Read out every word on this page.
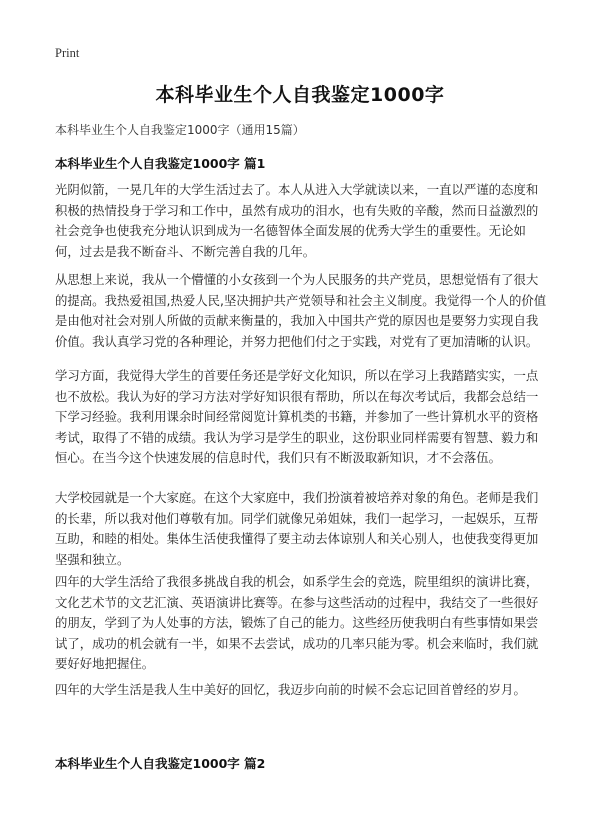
Print
本科毕业生个人自我鉴定1000字
本科毕业生个人自我鉴定1000字（通用15篇）
本科毕业生个人自我鉴定1000字 篇1

光阴似箭，一晃几年的大学生活过去了。本人从进入大学就读以来，一直以严谨的态度和积极的热情投身于学习和工作中，虽然有成功的泪水，也有失败的辛酸，然而日益激烈的社会竞争也使我充分地认识到成为一名德智体全面发展的优秀大学生的重要性。无论如何，过去是我不断奋斗、不断完善自我的几年。

从思想上来说，我从一个懵懂的小女孩到一个为人民服务的共产党员，思想觉悟有了很大的提高。我热爱祖国,热爱人民,坚决拥护共产党领导和社会主义制度。我觉得一个人的价值是由他对社会对别人所做的贡献来衡量的，我加入中国共产党的原因也是要努力实现自我价值。我认真学习党的各种理论，并努力把他们付之于实践，对党有了更加清晰的认识。

学习方面，我觉得大学生的首要任务还是学好文化知识，所以在学习上我踏踏实实，一点也不放松。我认为好的学习方法对学好知识很有帮助，所以在每次考试后，我都会总结一下学习经验。我利用课余时间经常阅览计算机类的书籍，并参加了一些计算机水平的资格考试，取得了不错的成绩。我认为学习是学生的职业，这份职业同样需要有智慧、毅力和恒心。在当今这个快速发展的信息时代，我们只有不断汲取新知识，才不会落伍。

大学校园就是一个大家庭。在这个大家庭中，我们扮演着被培养对象的角色。老师是我们的长辈，所以我对他们尊敬有加。同学们就像兄弟姐妹，我们一起学习，一起娱乐，互帮互助，和睦的相处。集体生活使我懂得了要主动去体谅别人和关心别人，也使我变得更加坚强和独立。

四年的大学生活给了我很多挑战自我的机会，如系学生会的竞选，院里组织的演讲比赛，文化艺术节的文艺汇演、英语演讲比赛等。在参与这些活动的过程中，我结交了一些很好的朋友，学到了为人处事的方法，锻炼了自己的能力。这些经历使我明白有些事情如果尝试了，成功的机会就有一半，如果不去尝试，成功的几率只能为零。机会来临时，我们就要好好地把握住。

四年的大学生活是我人生中美好的回忆，我迈步向前的时候不会忘记回首曾经的岁月。

本科毕业生个人自我鉴定1000字 篇2
